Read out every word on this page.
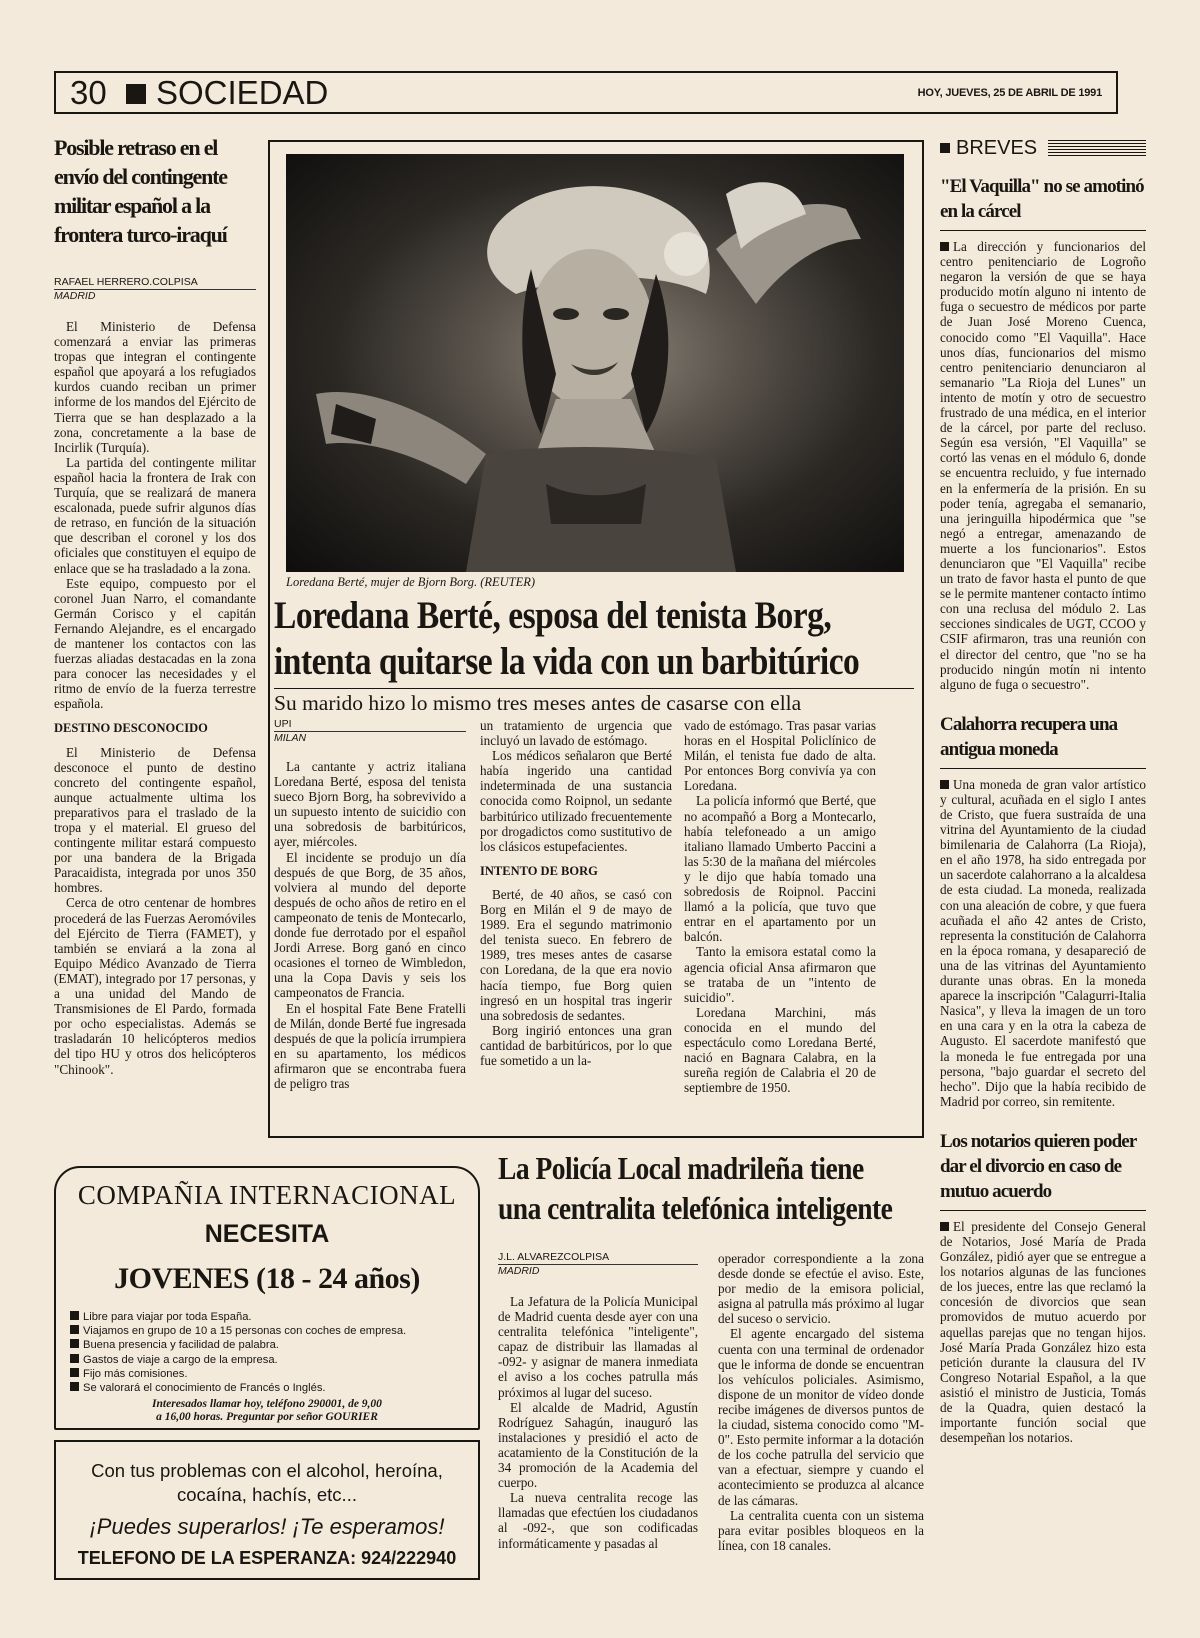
30 SOCIEDAD	HOY, JUEVES, 25 DE ABRIL DE 1991
Posible retraso en el envío del contingente militar español a la frontera turco-iraquí
RAFAEL HERRERO.COLPISA
MADRID

El Ministerio de Defensa comenzará a enviar las primeras tropas que integran el contingente español que apoyará a los refugiados kurdos cuando reciban un primer informe de los mandos del Ejército de Tierra que se han desplazado a la zona, concretamente a la base de Incirlik (Turquía).

La partida del contingente militar español hacia la frontera de Irak con Turquía, que se realizará de manera escalonada, puede sufrir algunos días de retraso, en función de la situación que describan el coronel y los dos oficiales que constituyen el equipo de enlace que se ha trasladado a la zona.

Este equipo, compuesto por el coronel Juan Narro, el comandante Germán Corisco y el capitán Fernando Alejandre, es el encargado de mantener los contactos con las fuerzas aliadas destacadas en la zona para conocer las necesidades y el ritmo de envío de la fuerza terrestre española.

DESTINO DESCONOCIDO

El Ministerio de Defensa desconoce el punto de destino concreto del contingente español, aunque actualmente ultima los preparativos para el traslado de la tropa y el material. El grueso del contingente militar estará compuesto por una bandera de la Brigada Paracaidista, integrada por unos 350 hombres.

Cerca de otro centenar de hombres procederá de las Fuerzas Aeromóviles del Ejército de Tierra (FAMET), y también se enviará a la zona al Equipo Médico Avanzado de Tierra (EMAT), integrado por 17 personas, y a una unidad del Mando de Transmisiones de El Pardo, formada por ocho especialistas. Además se trasladarán 10 helicópteros medios del tipo HU y otros dos helicópteros "Chinook".

Loredana Berté, mujer de Bjorn Borg. (REUTER)
Loredana Berté, esposa del tenista Borg,
intenta quitarse la vida con un barbitúrico
Su marido hizo lo mismo tres meses antes de casarse con ella
UPI
MILAN

La cantante y actriz italiana Loredana Berté, esposa del tenista sueco Bjorn Borg, ha sobrevivido a un supuesto intento de suicidio con una sobredosis de barbitúricos, ayer, miércoles.

El incidente se produjo un día después de que Borg, de 35 años, volviera al mundo del deporte después de ocho años de retiro en el campeonato de tenis de Montecarlo, donde fue derrotado por el español Jordi Arrese. Borg ganó en cinco ocasiones el torneo de Wimbledon, una la Copa Davis y seis los campeonatos de Francia.

En el hospital Fate Bene Fratelli de Milán, donde Berté fue ingresada después de que la policía irrumpiera en su apartamento, los médicos afirmaron que se encontraba fuera de peligro tras

un tratamiento de urgencia que incluyó un lavado de estómago.

Los médicos señalaron que Berté había ingerido una cantidad indeterminada de una sustancia conocida como Roipnol, un sedante barbitúrico utilizado frecuentemente por drogadictos como sustitutivo de los clásicos estupefacientes.

INTENTO DE BORG

Berté, de 40 años, se casó con Borg en Milán el 9 de mayo de 1989. Era el segundo matrimonio del tenista sueco. En febrero de 1989, tres meses antes de casarse con Loredana, de la que era novio hacía tiempo, fue Borg quien ingresó en un hospital tras ingerir una sobredosis de sedantes.

Borg ingirió entonces una gran cantidad de barbitúricos, por lo que fue sometido a un la-

vado de estómago. Tras pasar varias horas en el Hospital Policlínico de Milán, el tenista fue dado de alta. Por entonces Borg convivía ya con Loredana.

La policía informó que Berté, que no acompañó a Borg a Montecarlo, había telefoneado a un amigo italiano llamado Umberto Paccini a las 5:30 de la mañana del miércoles y le dijo que había tomado una sobredosis de Roipnol. Paccini llamó a la policía, que tuvo que entrar en el apartamento por un balcón.

Tanto la emisora estatal como la agencia oficial Ansa afirmaron que se trataba de un "intento de suicidio".

Loredana Marchini, más conocida en el mundo del espectáculo como Loredana Berté, nació en Bagnara Calabra, en la sureña región de Calabria el 20 de septiembre de 1950.

BREVES
"El Vaquilla" no se amotinó en la cárcel

La dirección y funcionarios del centro penitenciario de Logroño negaron la versión de que se haya producido motín alguno ni intento de fuga o secuestro de médicos por parte de Juan José Moreno Cuenca, conocido como "El Vaquilla". Hace unos días, funcionarios del mismo centro penitenciario denunciaron al semanario "La Rioja del Lunes" un intento de motín y otro de secuestro frustrado de una médica, en el interior de la cárcel, por parte del recluso. Según esa versión, "El Vaquilla" se cortó las venas en el módulo 6, donde se encuentra recluido, y fue internado en la enfermería de la prisión. En su poder tenía, agregaba el semanario, una jeringuilla hipodérmica que "se negó a entregar, amenazando de muerte a los funcionarios". Estos denunciaron que "El Vaquilla" recibe un trato de favor hasta el punto de que se le permite mantener contacto íntimo con una reclusa del módulo 2. Las secciones sindicales de UGT, CCOO y CSIF afirmaron, tras una reunión con el director del centro, que "no se ha producido ningún motín ni intento alguno de fuga o secuestro".

Calahorra recupera una antigua moneda

Una moneda de gran valor artístico y cultural, acuñada en el siglo I antes de Cristo, que fuera sustraída de una vitrina del Ayuntamiento de la ciudad bimilenaria de Calahorra (La Rioja), en el año 1978, ha sido entregada por un sacerdote calahorrano a la alcaldesa de esta ciudad. La moneda, realizada con una aleación de cobre, y que fuera acuñada el año 42 antes de Cristo, representa la constitución de Calahorra en la época romana, y desapareció de una de las vitrinas del Ayuntamiento durante unas obras. En la moneda aparece la inscripción "Calagurri-Italia Nasica", y lleva la imagen de un toro en una cara y en la otra la cabeza de Augusto. El sacerdote manifestó que la moneda le fue entregada por una persona, "bajo guardar el secreto del hecho". Dijo que la había recibido de Madrid por correo, sin remitente.

Los notarios quieren poder dar el divorcio en caso de mutuo acuerdo

El presidente del Consejo General de Notarios, José María de Prada González, pidió ayer que se entregue a los notarios algunas de las funciones de los jueces, entre las que reclamó la concesión de divorcios que sean promovidos de mutuo acuerdo por aquellas parejas que no tengan hijos. José María Prada González hizo esta petición durante la clausura del IV Congreso Notarial Español, a la que asistió el ministro de Justicia, Tomás de la Quadra, quien destacó la importante función social que desempeñan los notarios.

COMPAÑIA INTERNACIONAL
NECESITA
JOVENES (18 - 24 años)
Libre para viajar por toda España.
Viajamos en grupo de 10 a 15 personas con coches de empresa.
Buena presencia y facilidad de palabra.
Gastos de viaje a cargo de la empresa.
Fijo más comisiones.
Se valorará el conocimiento de Francés o Inglés.
Interesados llamar hoy, teléfono 290001, de 9,00
a 16,00 horas. Preguntar por señor GOURIER
Con tus problemas con el alcohol, heroína,
cocaína, hachís, etc...
¡Puedes superarlos! ¡Te esperamos!
TELEFONO DE LA ESPERANZA: 924/222940
La Policía Local madrileña tiene
una centralita telefónica inteligente
J.L. ALVAREZCOLPISA
MADRID

La Jefatura de la Policía Municipal de Madrid cuenta desde ayer con una centralita telefónica "inteligente", capaz de distribuir las llamadas al -092- y asignar de manera inmediata el aviso a los coches patrulla más próximos al lugar del suceso.

El alcalde de Madrid, Agustín Rodríguez Sahagún, inauguró las instalaciones y presidió el acto de acatamiento de la Constitución de la 34 promoción de la Academia del cuerpo.

La nueva centralita recoge las llamadas que efectúen los ciudadanos al -092-, que son codificadas informáticamente y pasadas al

operador correspondiente a la zona desde donde se efectúe el aviso. Este, por medio de la emisora policial, asigna al patrulla más próximo al lugar del suceso o servicio.

El agente encargado del sistema cuenta con una terminal de ordenador que le informa de donde se encuentran los vehículos policiales. Asimismo, dispone de un monitor de vídeo donde recibe imágenes de diversos puntos de la ciudad, sistema conocido como "M-0". Esto permite informar a la dotación de los coche patrulla del servicio que van a efectuar, siempre y cuando el acontecimiento se produzca al alcance de las cámaras.

La centralita cuenta con un sistema para evitar posibles bloqueos en la línea, con 18 canales.
